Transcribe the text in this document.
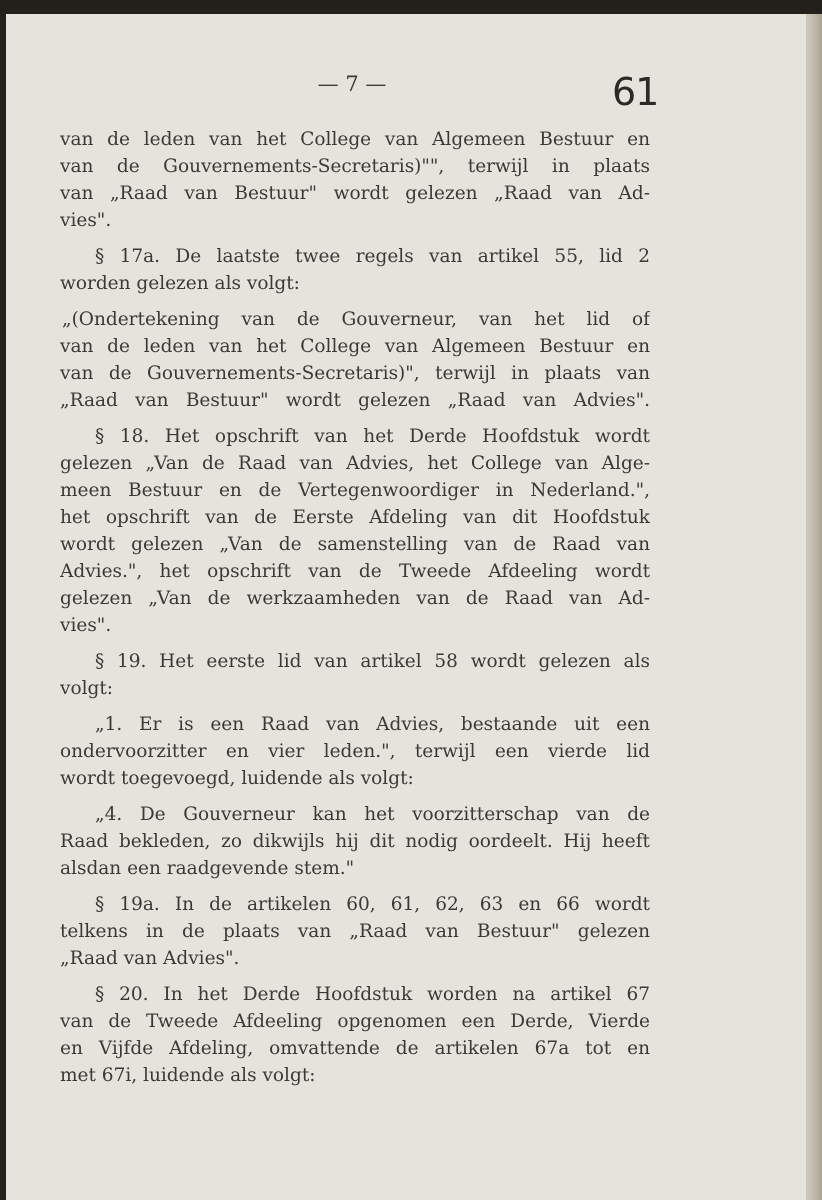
— 7 —	61
van de leden van het College van Algemeen Bestuur en
van de Gouvernements-Secretaris)"", terwijl in plaats
van „Raad van Bestuur" wordt gelezen „Raad van Ad-
vies".
§ 17a. De laatste twee regels van artikel 55, lid 2
worden gelezen als volgt:
„(Ondertekening van de Gouverneur, van het lid of
van de leden van het College van Algemeen Bestuur en
van de Gouvernements-Secretaris)", terwijl in plaats van
„Raad van Bestuur" wordt gelezen „Raad van Advies".
§ 18. Het opschrift van het Derde Hoofdstuk wordt
gelezen „Van de Raad van Advies, het College van Alge-
meen Bestuur en de Vertegenwoordiger in Nederland.",
het opschrift van de Eerste Afdeling van dit Hoofdstuk
wordt gelezen „Van de samenstelling van de Raad van
Advies.", het opschrift van de Tweede Afdeeling wordt
gelezen „Van de werkzaamheden van de Raad van Ad-
vies".
§ 19. Het eerste lid van artikel 58 wordt gelezen als
volgt:
„1. Er is een Raad van Advies, bestaande uit een
ondervoorzitter en vier leden.", terwijl een vierde lid
wordt toegevoegd, luidende als volgt:
„4. De Gouverneur kan het voorzitterschap van de
Raad bekleden, zo dikwijls hij dit nodig oordeelt. Hij heeft
alsdan een raadgevende stem."
§ 19a. In de artikelen 60, 61, 62, 63 en 66 wordt
telkens in de plaats van „Raad van Bestuur" gelezen
„Raad van Advies".
§ 20. In het Derde Hoofdstuk worden na artikel 67
van de Tweede Afdeeling opgenomen een Derde, Vierde
en Vijfde Afdeling, omvattende de artikelen 67a tot en
met 67i, luidende als volgt:
